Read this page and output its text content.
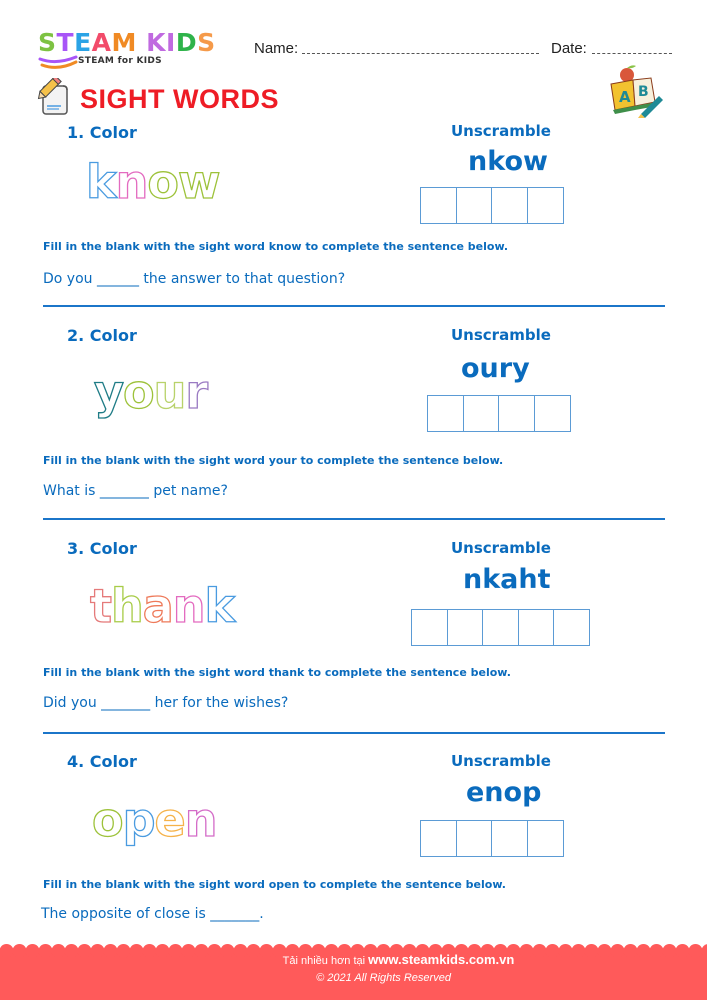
STEAM KIDS
STEAM for KIDS
Name:	Date:
SIGHT WORDS	A B
1. Color
know
Unscramble
nkow
Fill in the blank with the sight word know to complete the sentence below.
Do you ______ the answer to that question?
2. Color
your
Unscramble
oury
Fill in the blank with the sight word your to complete the sentence below.
What is _______ pet name?
3. Color
thank
Unscramble
nkaht
Fill in the blank with the sight word thank to complete the sentence below.
Did you _______ her for the wishes?
4. Color
open
Unscramble
enop
Fill in the blank with the sight word open to complete the sentence below.
The opposite of close is _______.
Tải nhiều hơn tại www.steamkids.com.vn
© 2021 All Rights Reserved
